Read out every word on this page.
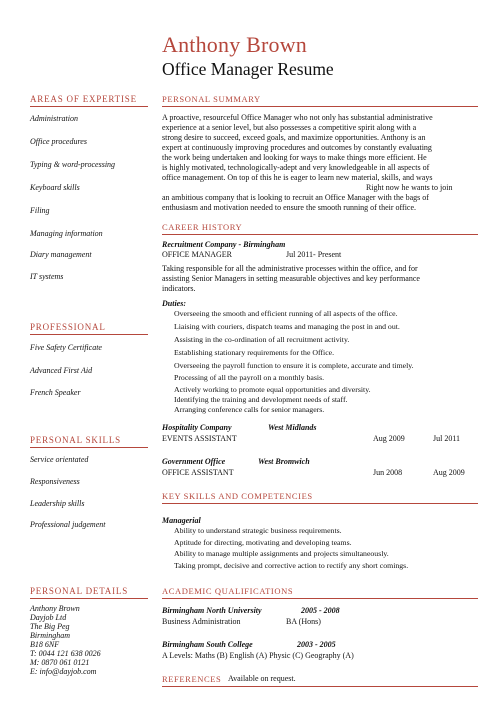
Anthony Brown
Office Manager Resume
AREAS OF EXPERTISE
Administration
Office procedures
Typing & word-processing
Keyboard skills
Filing
Managing information
Diary management
IT systems
PROFESSIONAL
Five Safety Certificate
Advanced First Aid
French Speaker
PERSONAL SKILLS
Service orientated
Responsiveness
Leadership skills
Professional judgement
PERSONAL DETAILS
Anthony Brown
Dayjob Ltd
The Big Peg
Birmingham
B18 6NF
T: 0044 121 638 0026
M: 0870 061 0121
E: info@dayjob.com
PERSONAL SUMMARY
A proactive, resourceful Office Manager who not only has substantial administrative
experience at a senior level, but also possesses a competitive spirit along with a
strong desire to succeed, exceed goals, and maximize opportunities. Anthony is an
expert at continuously improving procedures and outcomes by constantly evaluating
the work being undertaken and looking for ways to make things more efficient. He
is highly motivated, technologically-adept and very knowledgeable in all aspects of
office management. On top of this he is eager to learn new material, skills, and ways
Right now he wants to join
an ambitious company that is looking to recruit an Office Manager with the bags of
enthusiasm and motivation needed to ensure the smooth running of their office.
CAREER HISTORY
Recruitment Company - Birmingham
OFFICE MANAGER	Jul 2011- Present
Taking responsible for all the administrative processes within the office, and for
assisting Senior Managers in setting measurable objectives and key performance
indicators.
Duties:
Overseeing the smooth and efficient running of all aspects of the office.
Liaising with couriers, dispatch teams and managing the post in and out.
Assisting in the co-ordination of all recruitment activity.
Establishing stationary requirements for the Office.
Overseeing the payroll function to ensure it is complete, accurate and timely.
Processing of all the payroll on a monthly basis.
Actively working to promote equal opportunities and diversity.
Identifying the training and development needs of staff.
Arranging conference calls for senior managers.
Hospitality Company	West Midlands
EVENTS ASSISTANT	Aug 2009	Jul 2011
Government Office	West Bromwich
OFFICE ASSISTANT	Jun 2008	Aug 2009
KEY SKILLS AND COMPETENCIES
Managerial
Ability to understand strategic business requirements.
Aptitude for directing, motivating and developing teams.
Ability to manage multiple assignments and projects simultaneously.
Taking prompt, decisive and corrective action to rectify any short comings.
ACADEMIC QUALIFICATIONS
Birmingham North University	2005 - 2008
Business Administration	BA (Hons)
Birmingham South College	2003 - 2005
A Levels: Maths (B) English (A) Physic (C) Geography (A)
REFERENCES Available on request.
